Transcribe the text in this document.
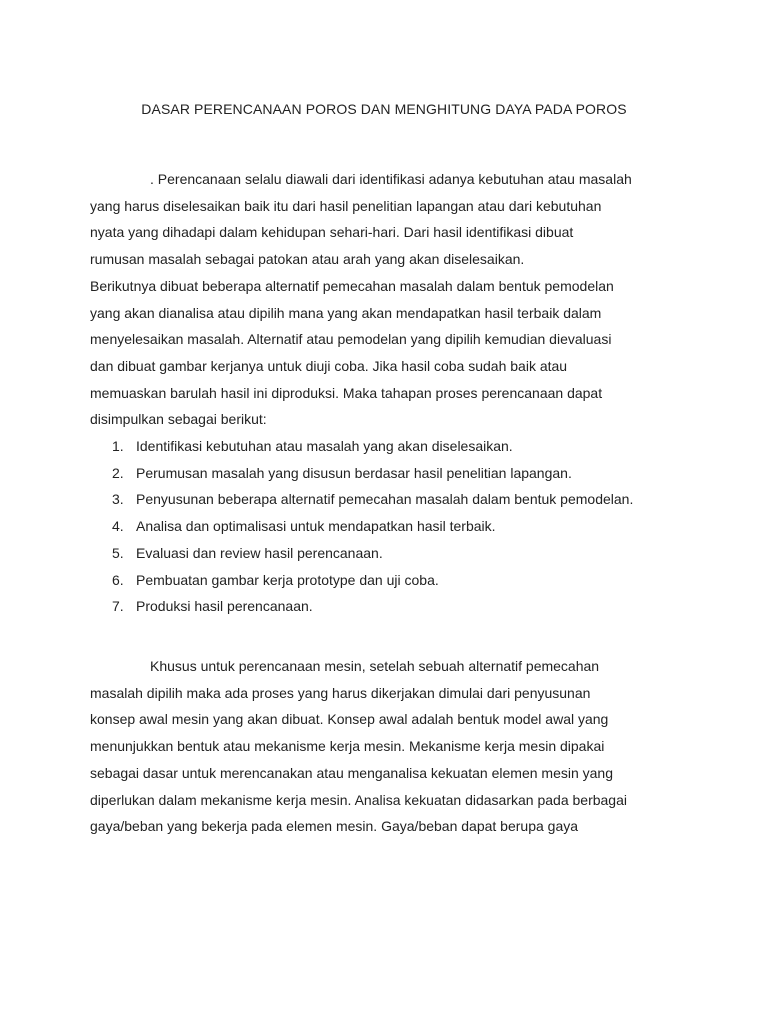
DASAR PERENCANAAN POROS DAN MENGHITUNG DAYA PADA POROS
. Perencanaan selalu diawali dari identifikasi adanya kebutuhan atau masalah
yang harus diselesaikan baik itu dari hasil penelitian lapangan atau dari kebutuhan
nyata yang dihadapi dalam kehidupan sehari-hari. Dari hasil identifikasi dibuat
rumusan masalah sebagai patokan atau arah yang akan diselesaikan.
Berikutnya dibuat beberapa alternatif pemecahan masalah dalam bentuk pemodelan
yang akan dianalisa atau dipilih mana yang akan mendapatkan hasil terbaik dalam
menyelesaikan masalah. Alternatif atau pemodelan yang dipilih kemudian dievaluasi
dan dibuat gambar kerjanya untuk diuji coba. Jika hasil coba sudah baik atau
memuaskan barulah hasil ini diproduksi. Maka tahapan proses perencanaan dapat
disimpulkan sebagai berikut:
1. Identifikasi kebutuhan atau masalah yang akan diselesaikan.
2. Perumusan masalah yang disusun berdasar hasil penelitian lapangan.
3. Penyusunan beberapa alternatif pemecahan masalah dalam bentuk pemodelan.
4. Analisa dan optimalisasi untuk mendapatkan hasil terbaik.
5. Evaluasi dan review hasil perencanaan.
6. Pembuatan gambar kerja prototype dan uji coba.
7. Produksi hasil perencanaan.
Khusus untuk perencanaan mesin, setelah sebuah alternatif pemecahan
masalah dipilih maka ada proses yang harus dikerjakan dimulai dari penyusunan
konsep awal mesin yang akan dibuat. Konsep awal adalah bentuk model awal yang
menunjukkan bentuk atau mekanisme kerja mesin. Mekanisme kerja mesin dipakai
sebagai dasar untuk merencanakan atau menganalisa kekuatan elemen mesin yang
diperlukan dalam mekanisme kerja mesin. Analisa kekuatan didasarkan pada berbagai
gaya/beban yang bekerja pada elemen mesin. Gaya/beban dapat berupa gaya
